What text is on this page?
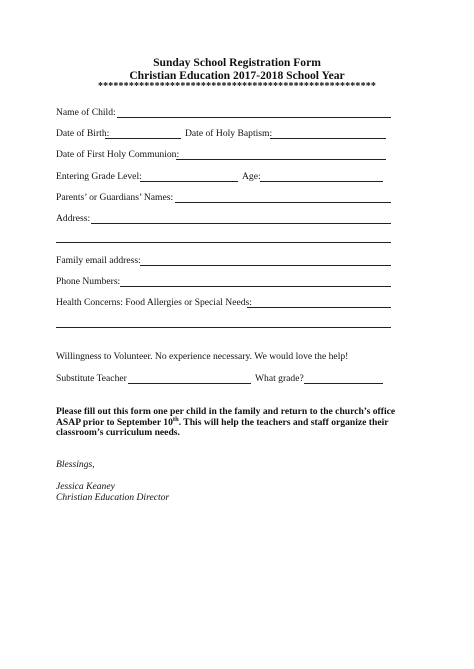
Sunday School Registration Form
Christian Education 2017-2018 School Year
******************************************************
Name of Child:
Date of Birth:	Date of Holy Baptism:
Date of First Holy Communion:
Entering Grade Level:	Age:
Parents’ or Guardians’ Names:
Address:
Family email address:
Phone Numbers:
Health Concerns: Food Allergies or Special Needs:
Willingness to Volunteer. No experience necessary. We would love the help!
Substitute Teacher	What grade?
Please fill out this form one per child in the family and return to the church’s office
ASAP prior to September 10th. This will help the teachers and staff organize their
classroom’s curriculum needs.
Blessings,
Jessica Keaney
Christian Education Director
